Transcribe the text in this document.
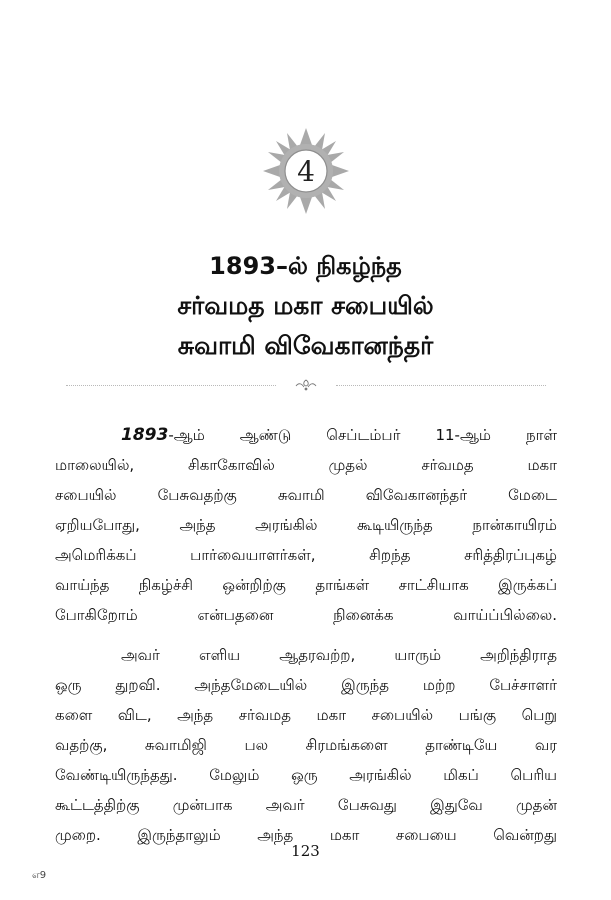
4
1893–ல் நிகழ்ந்த
சர்வமத மகா சபையில்
சுவாமி விவேகானந்தர்

1893-ஆம் ஆண்டு செப்டம்பர் 11-ஆம் நாள்
மாலையில், சிகாகோவில் முதல் சர்வமத மகா
சபையில் பேசுவதற்கு சுவாமி விவேகானந்தர் மேடை
ஏறியபோது, அந்த அரங்கில் கூடியிருந்த நான்காயிரம்
அமெரிக்கப் பார்வையாளர்கள், சிறந்த சரித்திரப்புகழ்
வாய்ந்த நிகழ்ச்சி ஒன்றிற்கு தாங்கள் சாட்சியாக இருக்கப்
போகிறோம் என்பதனை நினைக்க வாய்ப்பில்லை.

அவர் எளிய ஆதரவற்ற, யாரும் அறிந்திராத
ஒரு துறவி. அந்தமேடையில் இருந்த மற்ற பேச்சாளர்
களை விட, அந்த சர்வமத மகா சபையில் பங்கு பெறு
வதற்கு, சுவாமிஜி பல சிரமங்களை தாண்டியே வர
வேண்டியிருந்தது. மேலும் ஒரு அரங்கில் மிகப் பெரிய
கூட்டத்திற்கு முன்பாக அவர் பேசுவது இதுவே முதன்
முறை. இருந்தாலும் அந்த மகா சபையை வென்றது

123
எ9
